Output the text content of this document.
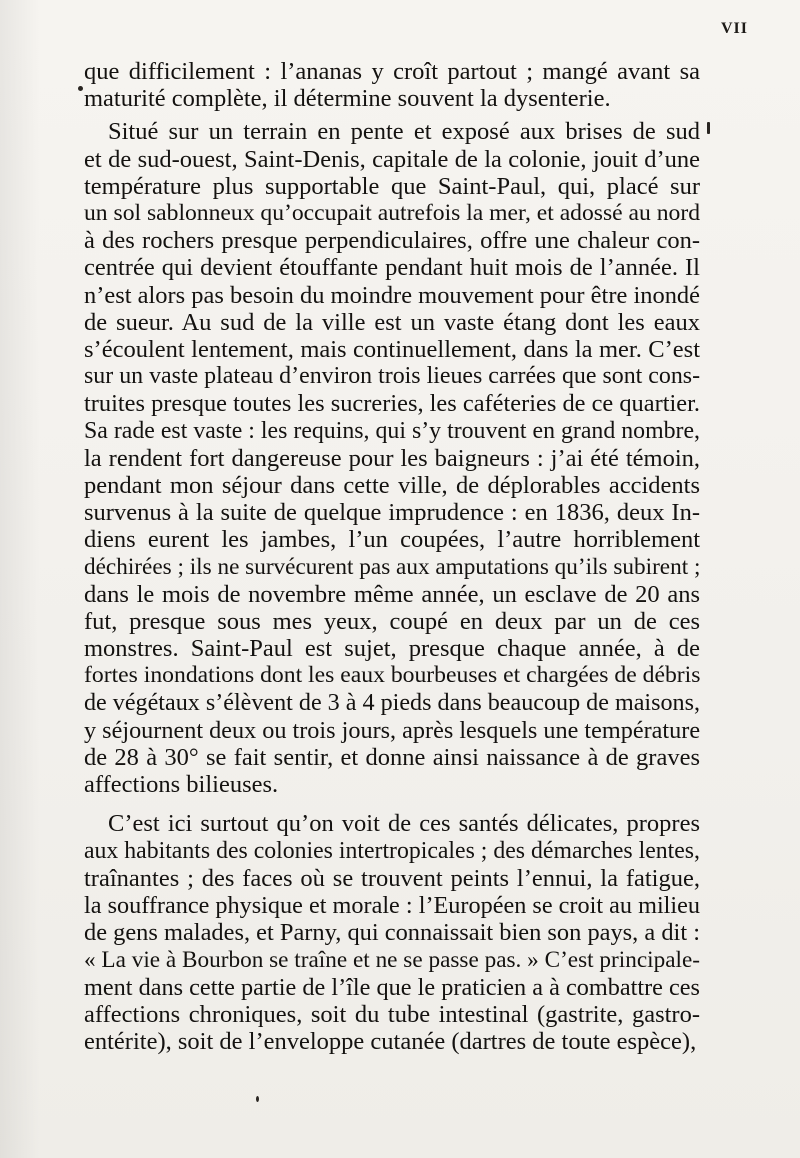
VII

que difficilement : l’ananas y croît partout ; mangé avant sa
maturité complète, il détermine souvent la dysenterie.

Situé sur un terrain en pente et exposé aux brises de sud
et de sud-ouest, Saint-Denis, capitale de la colonie, jouit d’une
température plus supportable que Saint-Paul, qui, placé sur
un sol sablonneux qu’occupait autrefois la mer, et adossé au nord
à des rochers presque perpendiculaires, offre une chaleur con-
centrée qui devient étouffante pendant huit mois de l’année. Il
n’est alors pas besoin du moindre mouvement pour être inondé
de sueur. Au sud de la ville est un vaste étang dont les eaux
s’écoulent lentement, mais continuellement, dans la mer. C’est
sur un vaste plateau d’environ trois lieues carrées que sont cons-
truites presque toutes les sucreries, les caféteries de ce quartier.
Sa rade est vaste : les requins, qui s’y trouvent en grand nombre,
la rendent fort dangereuse pour les baigneurs : j’ai été témoin,
pendant mon séjour dans cette ville, de déplorables accidents
survenus à la suite de quelque imprudence : en 1836, deux In-
diens eurent les jambes, l’un coupées, l’autre horriblement
déchirées ; ils ne survécurent pas aux amputations qu’ils subirent ;
dans le mois de novembre même année, un esclave de 20 ans
fut, presque sous mes yeux, coupé en deux par un de ces
monstres. Saint-Paul est sujet, presque chaque année, à de
fortes inondations dont les eaux bourbeuses et chargées de débris
de végétaux s’élèvent de 3 à 4 pieds dans beaucoup de maisons,
y séjournent deux ou trois jours, après lesquels une température
de 28 à 30° se fait sentir, et donne ainsi naissance à de graves
affections bilieuses.

C’est ici surtout qu’on voit de ces santés délicates, propres
aux habitants des colonies intertropicales ; des démarches lentes,
traînantes ; des faces où se trouvent peints l’ennui, la fatigue,
la souffrance physique et morale : l’Européen se croit au milieu
de gens malades, et Parny, qui connaissait bien son pays, a dit :
« La vie à Bourbon se traîne et ne se passe pas. » C’est principale-
ment dans cette partie de l’île que le praticien a à combattre ces
affections chroniques, soit du tube intestinal (gastrite, gastro-
entérite), soit de l’enveloppe cutanée (dartres de toute espèce),
